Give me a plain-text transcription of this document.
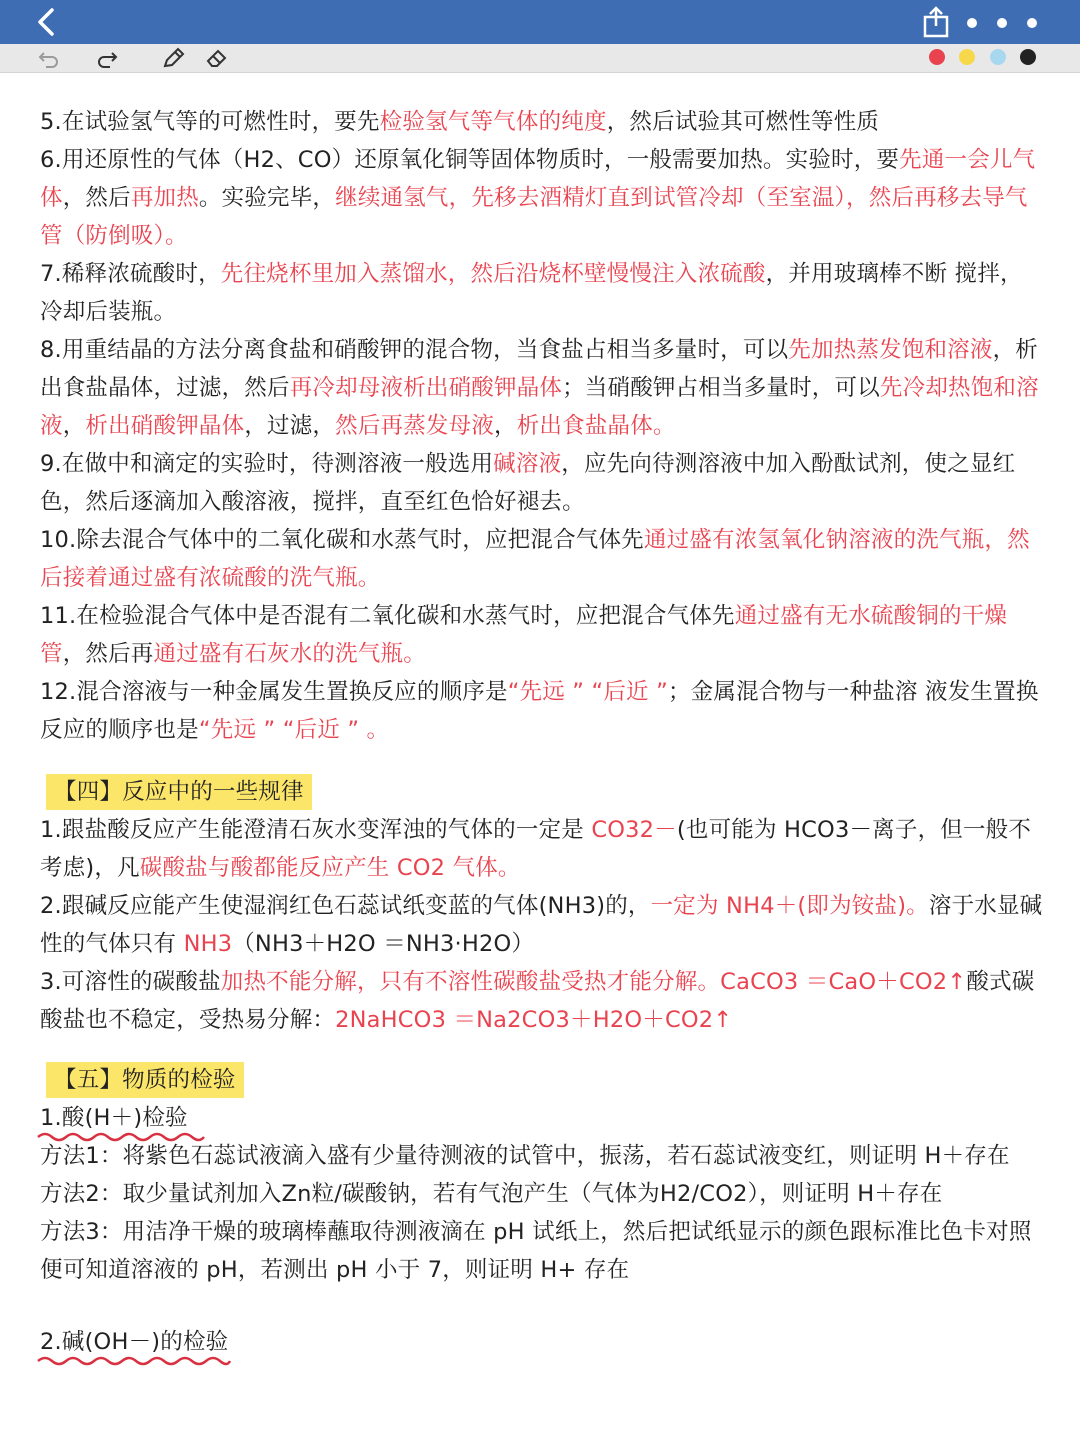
5.在试验氢气等的可燃性时，要先检验氢气等气体的纯度，然后试验其可燃性等性质

6.用还原性的气体（H2、CO）还原氧化铜等固体物质时，一般需要加热。实验时，要先通一会儿气体，然后再加热。实验完毕，继续通氢气，先移去酒精灯直到试管冷却（至室温），然后再移去导气管（防倒吸）。

7.稀释浓硫酸时，先往烧杯里加入蒸馏水，然后沿烧杯壁慢慢注入浓硫酸，并用玻璃棒不断 搅拌，冷却后装瓶。

8.用重结晶的方法分离食盐和硝酸钾的混合物，当食盐占相当多量时，可以先加热蒸发饱和溶液，析出食盐晶体，过滤，然后再冷却母液析出硝酸钾晶体；当硝酸钾占相当多量时，可以先冷却热饱和溶液，析出硝酸钾晶体，过滤，然后再蒸发母液，析出食盐晶体。

9.在做中和滴定的实验时，待测溶液一般选用碱溶液，应先向待测溶液中加入酚酞试剂，使之显红色，然后逐滴加入酸溶液，搅拌，直至红色恰好褪去。

10.除去混合气体中的二氧化碳和水蒸气时，应把混合气体先通过盛有浓氢氧化钠溶液的洗气瓶，然后接着通过盛有浓硫酸的洗气瓶。

11.在检验混合气体中是否混有二氧化碳和水蒸气时，应把混合气体先通过盛有无水硫酸铜的干燥管，然后再通过盛有石灰水的洗气瓶。

12.混合溶液与一种金属发生置换反应的顺序是“先远 ” “后近 ”；金属混合物与一种盐溶 液发生置换反应的顺序也是“先远 ” “后近 ” 。

【四】反应中的一些规律

1.跟盐酸反应产生能澄清石灰水变浑浊的气体的一定是 CO32－(也可能为 HCO3－离子，但一般不考虑)，凡碳酸盐与酸都能反应产生 CO2 气体。

2.跟碱反应能产生使湿润红色石蕊试纸变蓝的气体(NH3)的，一定为 NH4＋(即为铵盐)。溶于水显碱性的气体只有 NH3（NH3＋H2O ＝NH3·H2O）

3.可溶性的碳酸盐加热不能分解，只有不溶性碳酸盐受热才能分解。CaCO3 ＝CaO＋CO2↑酸式碳酸盐也不稳定，受热易分解：2NaHCO3 ＝Na2CO3＋H2O＋CO2↑

【五】物质的检验

1.酸(H＋)检验

方法1：将紫色石蕊试液滴入盛有少量待测液的试管中，振荡，若石蕊试液变红，则证明 H＋存在

方法2：取少量试剂加入Zn粒/碳酸钠，若有气泡产生（气体为H2/CO2），则证明 H＋存在

方法3：用洁净干燥的玻璃棒蘸取待测液滴在 pH 试纸上，然后把试纸显示的颜色跟标准比色卡对照便可知道溶液的 pH，若测出 pH 小于 7，则证明 H+ 存在

2.碱(OH－)的检验
